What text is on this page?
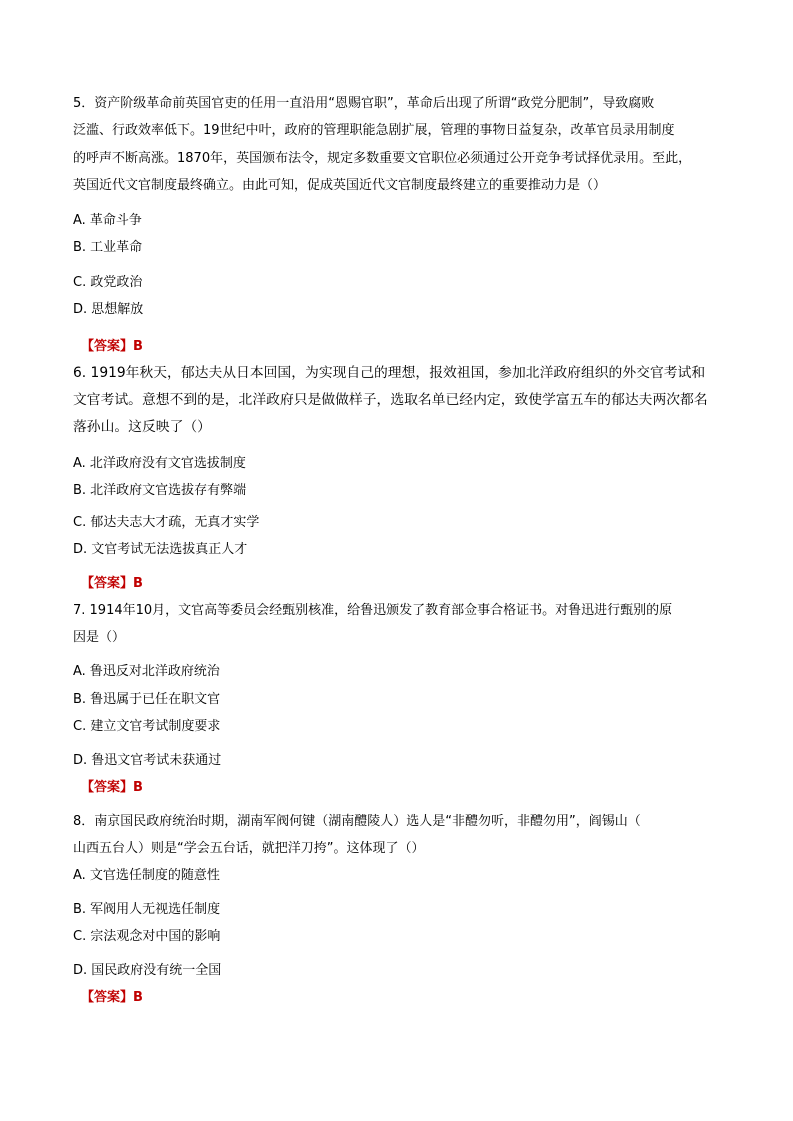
5．资产阶级革命前英国官吏的任用一直沿用“恩赐官职”，革命后出现了所谓“政党分肥制”，导致腐败
泛滥、行政效率低下。19世纪中叶，政府的管理职能急剧扩展，管理的事物日益复杂，改革官员录用制度
的呼声不断高涨。1870年，英国颁布法令，规定多数重要文官职位必须通过公开竞争考试择优录用。至此，
英国近代文官制度最终确立。由此可知，促成英国近代文官制度最终建立的重要推动力是（）
A. 革命斗争
B. 工业革命
C. 政党政治
D. 思想解放
【答案】B
6. 1919年秋天，郁达夫从日本回国，为实现自己的理想，报效祖国，参加北洋政府组织的外交官考试和
文官考试。意想不到的是，北洋政府只是做做样子，选取名单已经内定，致使学富五车的郁达夫两次都名
落孙山。这反映了（）
A. 北洋政府没有文官选拔制度
B. 北洋政府文官选拔存有弊端
C. 郁达夫志大才疏，无真才实学
D. 文官考试无法选拔真正人才
【答案】B
7. 1914年10月，文官高等委员会经甄别核准，给鲁迅颁发了教育部佥事合格证书。对鲁迅进行甄别的原
因是（）
A. 鲁迅反对北洋政府统治
B. 鲁迅属于已任在职文官
C. 建立文官考试制度要求
D. 鲁迅文官考试未获通过
【答案】B
8．南京国民政府统治时期，湖南军阀何键（湖南醴陵人）选人是“非醴勿听，非醴勿用”，阎锡山（
山西五台人）则是“学会五台话，就把洋刀挎”。这体现了（）
A. 文官选任制度的随意性
B. 军阀用人无视选任制度
C. 宗法观念对中国的影响
D. 国民政府没有统一全国
【答案】B
